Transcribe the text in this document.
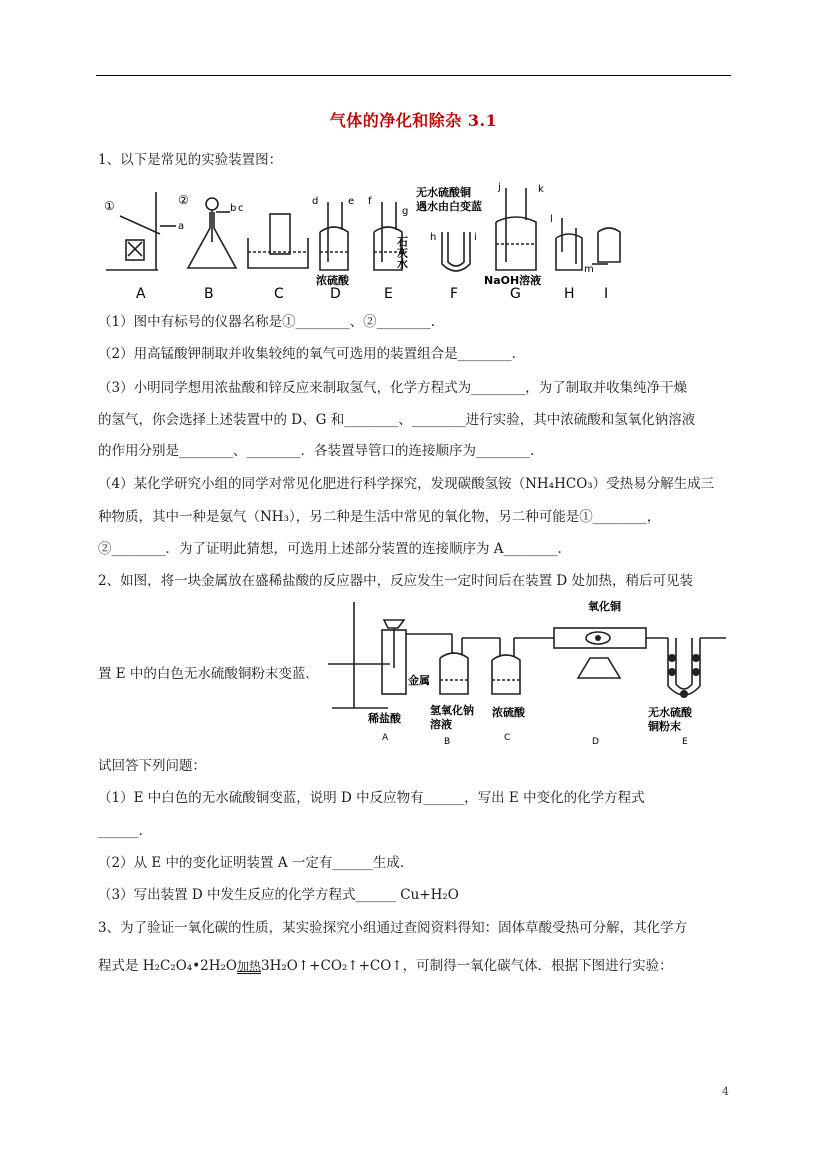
气体的净化和除杂 3.1
1、以下是常见的实验装置图：
①	②
a
b c
d	e f
g
h	i
j	k
l
m
浓硫酸
石灰水
无水硫酸铜
遇水由白变蓝
NaOH溶液
A	B	C	D	E	F	G	H I
（1）图中有标号的仪器名称是①________、②________.
（2）用高锰酸钾制取并收集较纯的氧气可选用的装置组合是________.
（3）小明同学想用浓盐酸和锌反应来制取氢气，化学方程式为________，为了制取并收集纯净干燥
的氢气，你会选择上述装置中的 D、G 和________、________进行实验，其中浓硫酸和氢氧化钠溶液
的作用分别是________、________．各装置导管口的连接顺序为________.
（4）某化学研究小组的同学对常见化肥进行科学探究，发现碳酸氢铵（NH₄HCO₃）受热易分解生成三
种物质，其中一种是氨气（NH₃），另二种是生活中常见的氧化物，另二种可能是①________，
②________．为了证明此猜想，可选用上述部分装置的连接顺序为 A________.
2、如图，将一块金属放在盛稀盐酸的反应器中，反应发生一定时间后在装置 D 处加热，稍后可见装
置 E 中的白色无水硫酸铜粉末变蓝．	金属
稀盐酸
氢氧化钠
溶液
浓硫酸
氧化铜
无水硫酸
铜粉末
A	B	C	D	E
试回答下列问题：
（1）E 中白色的无水硫酸铜变蓝，说明 D 中反应物有______，写出 E 中变化的化学方程式
______.
（2）从 E 中的变化证明装置 A 一定有______生成.
（3）写出装置 D 中发生反应的化学方程式______ Cu+H₂O
3、为了验证一氧化碳的性质，某实验探究小组通过查阅资料得知：固体草酸受热可分解，其化学方
程式是 H₂C₂O₄•2H₂O加热3H₂O↑+CO₂↑+CO↑，可制得一氧化碳气体．根据下图进行实验：
4
